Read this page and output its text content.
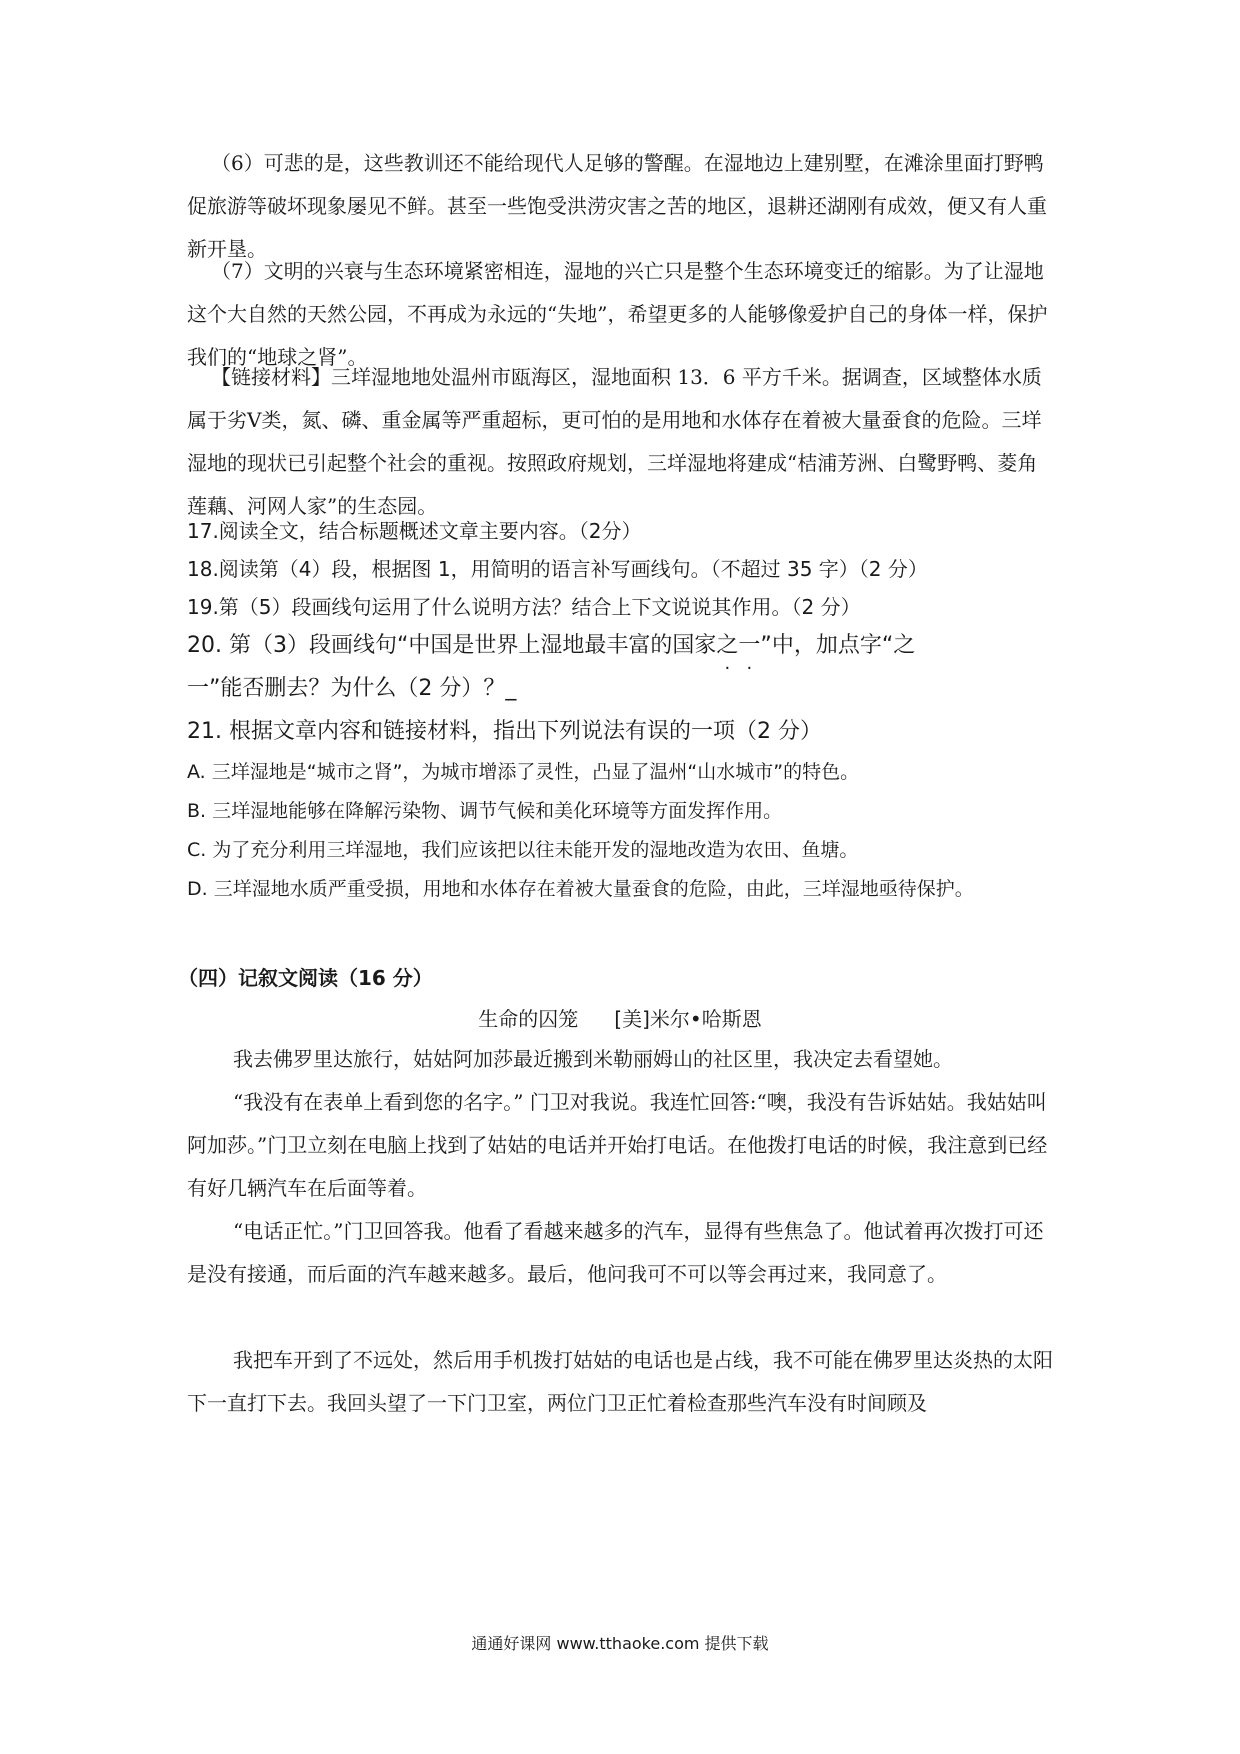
（6）可悲的是，这些教训还不能给现代人足够的警醒。在湿地边上建别墅，在滩涂里面打野鸭促旅游等破坏现象屡见不鲜。甚至一些饱受洪涝灾害之苦的地区，退耕还湖刚有成效，便又有人重新开垦。

（7）文明的兴衰与生态环境紧密相连，湿地的兴亡只是整个生态环境变迁的缩影。为了让湿地这个大自然的天然公园，不再成为永远的“失地”，希望更多的人能够像爱护自己的身体一样，保护我们的“地球之肾”。

【链接材料】三垟湿地地处温州市瓯海区，湿地面积 13．6 平方千米。据调查，区域整体水质属于劣Ⅴ类，氮、磷、重金属等严重超标，更可怕的是用地和水体存在着被大量蚕食的危险。三垟湿地的现状已引起整个社会的重视。按照政府规划，三垟湿地将建成“桔浦芳洲、白鹭野鸭、菱角莲藕、河网人家”的生态园。

17.阅读全文，结合标题概述文章主要内容。（2分）

18.阅读第（4）段，根据图 1，用简明的语言补写画线句。（不超过 35 字）（2 分）

19.第（5）段画线句运用了什么说明方法？结合上下文说说其作用。（2 分）

20. 第（3）段画线句“中国是世界上湿地最丰富的国家之一”中，加点字“之
一”能否删去？为什么（2 分）？_

21. 根据文章内容和链接材料，指出下列说法有误的一项（2 分）

A. 三垟湿地是“城市之肾”，为城市增添了灵性，凸显了温州“山水城市”的特色。

B. 三垟湿地能够在降解污染物、调节气候和美化环境等方面发挥作用。

C. 为了充分利用三垟湿地，我们应该把以往未能开发的湿地改造为农田、鱼塘。

D. 三垟湿地水质严重受损，用地和水体存在着被大量蚕食的危险，由此，三垟湿地亟待保护。

（四）记叙文阅读（16 分）

生命的囚笼 [美]米尔•哈斯恩

我去佛罗里达旅行，姑姑阿加莎最近搬到米勒丽姆山的社区里，我决定去看望她。

“我没有在表单上看到您的名字。” 门卫对我说。我连忙回答:“噢，我没有告诉姑姑。我姑姑叫阿加莎。”门卫立刻在电脑上找到了姑姑的电话并开始打电话。在他拨打电话的时候，我注意到已经有好几辆汽车在后面等着。

“电话正忙。”门卫回答我。他看了看越来越多的汽车，显得有些焦急了。他试着再次拨打可还是没有接通，而后面的汽车越来越多。最后，他问我可不可以等会再过来，我同意了。

我把车开到了不远处，然后用手机拨打姑姑的电话也是占线，我不可能在佛罗里达炎热的太阳下一直打下去。我回头望了一下门卫室，两位门卫正忙着检查那些汽车没有时间顾及

通通好课网 www.tthaoke.com 提供下载
